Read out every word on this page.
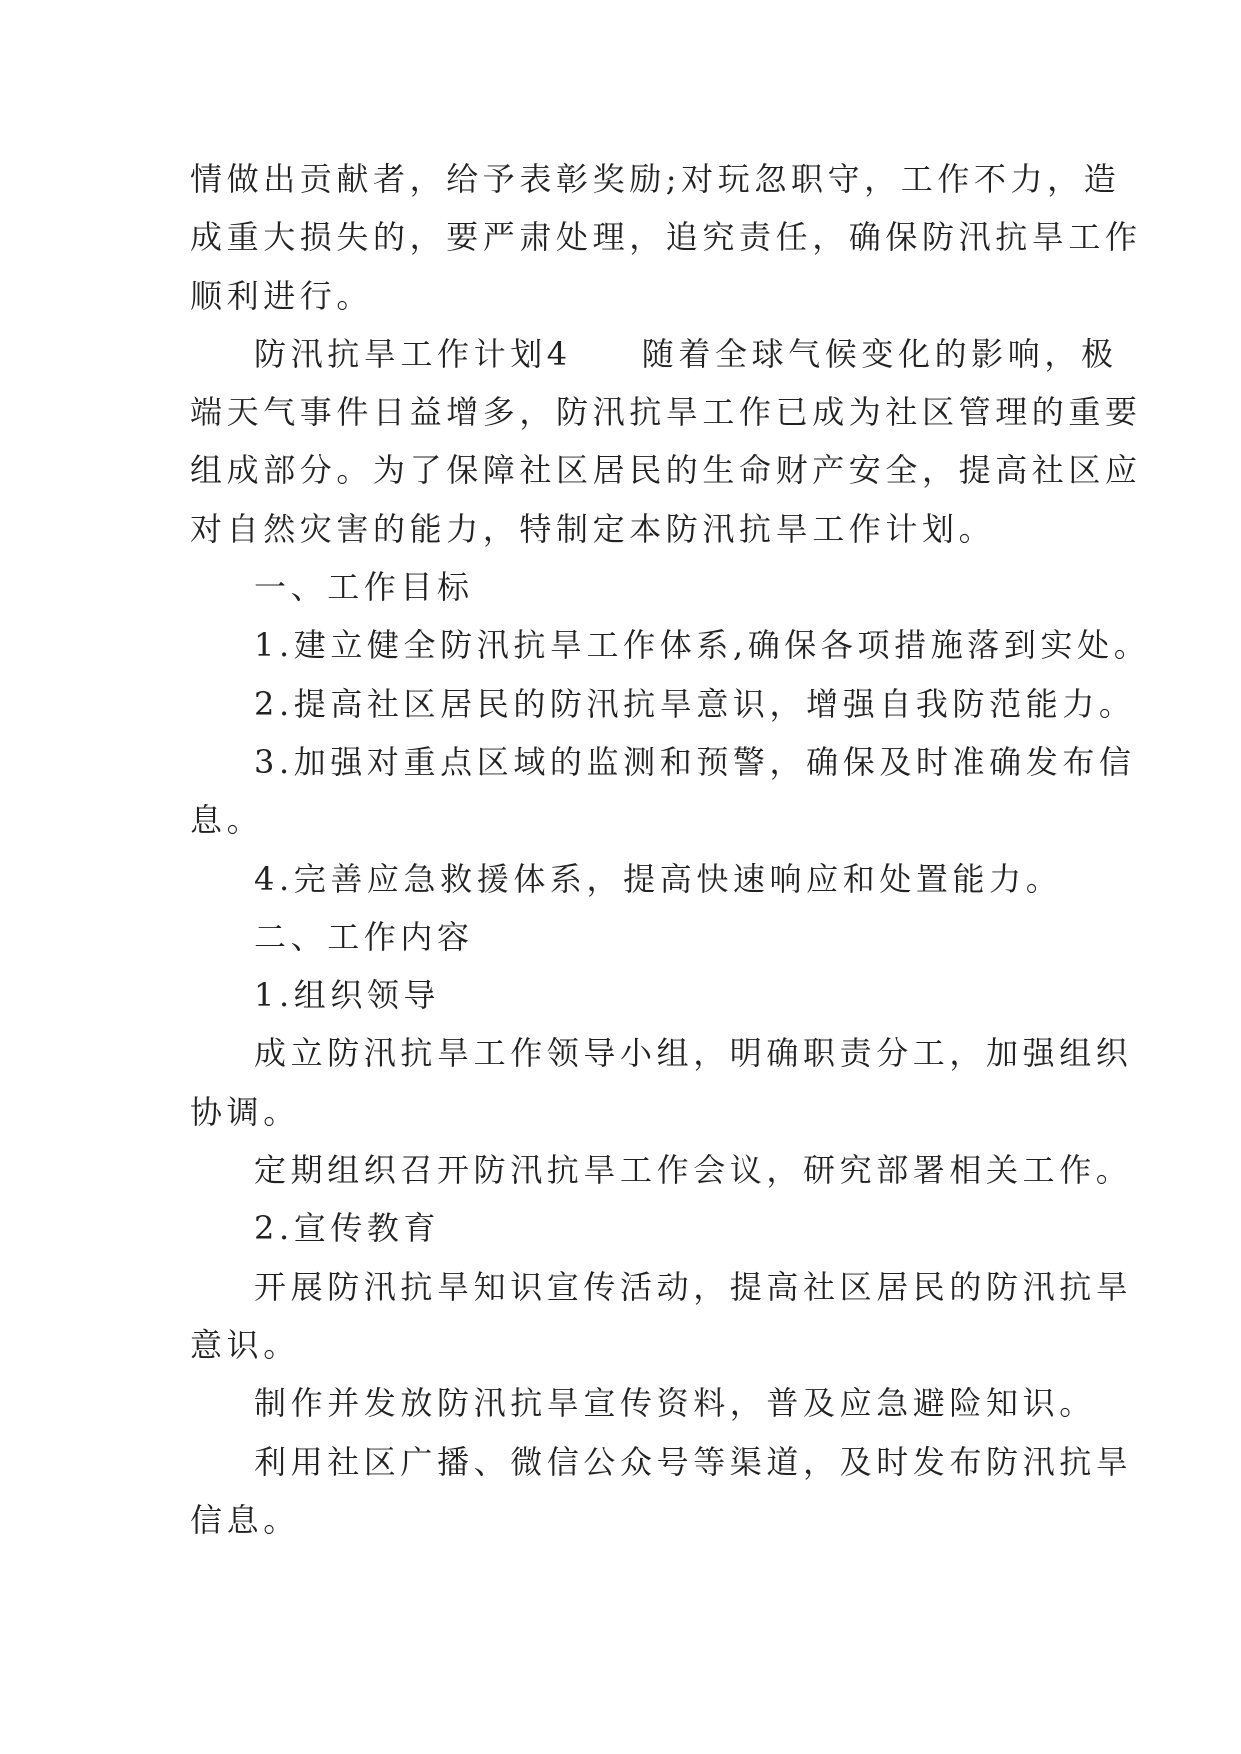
情做出贡献者，给予表彰奖励;对玩忽职守，工作不力，造
成重大损失的，要严肃处理，追究责任，确保防汛抗旱工作
顺利进行。
防汛抗旱工作计划4 随着全球气候变化的影响，极
端天气事件日益增多，防汛抗旱工作已成为社区管理的重要
组成部分。为了保障社区居民的生命财产安全，提高社区应
对自然灾害的能力，特制定本防汛抗旱工作计划。
一、工作目标
1.建立健全防汛抗旱工作体系,确保各项措施落到实处。
2.提高社区居民的防汛抗旱意识，增强自我防范能力。
3.加强对重点区域的监测和预警，确保及时准确发布信
息。
4.完善应急救援体系，提高快速响应和处置能力。
二、工作内容
1.组织领导
成立防汛抗旱工作领导小组，明确职责分工，加强组织
协调。
定期组织召开防汛抗旱工作会议，研究部署相关工作。
2.宣传教育
开展防汛抗旱知识宣传活动，提高社区居民的防汛抗旱
意识。
制作并发放防汛抗旱宣传资料，普及应急避险知识。
利用社区广播、微信公众号等渠道，及时发布防汛抗旱
信息。
